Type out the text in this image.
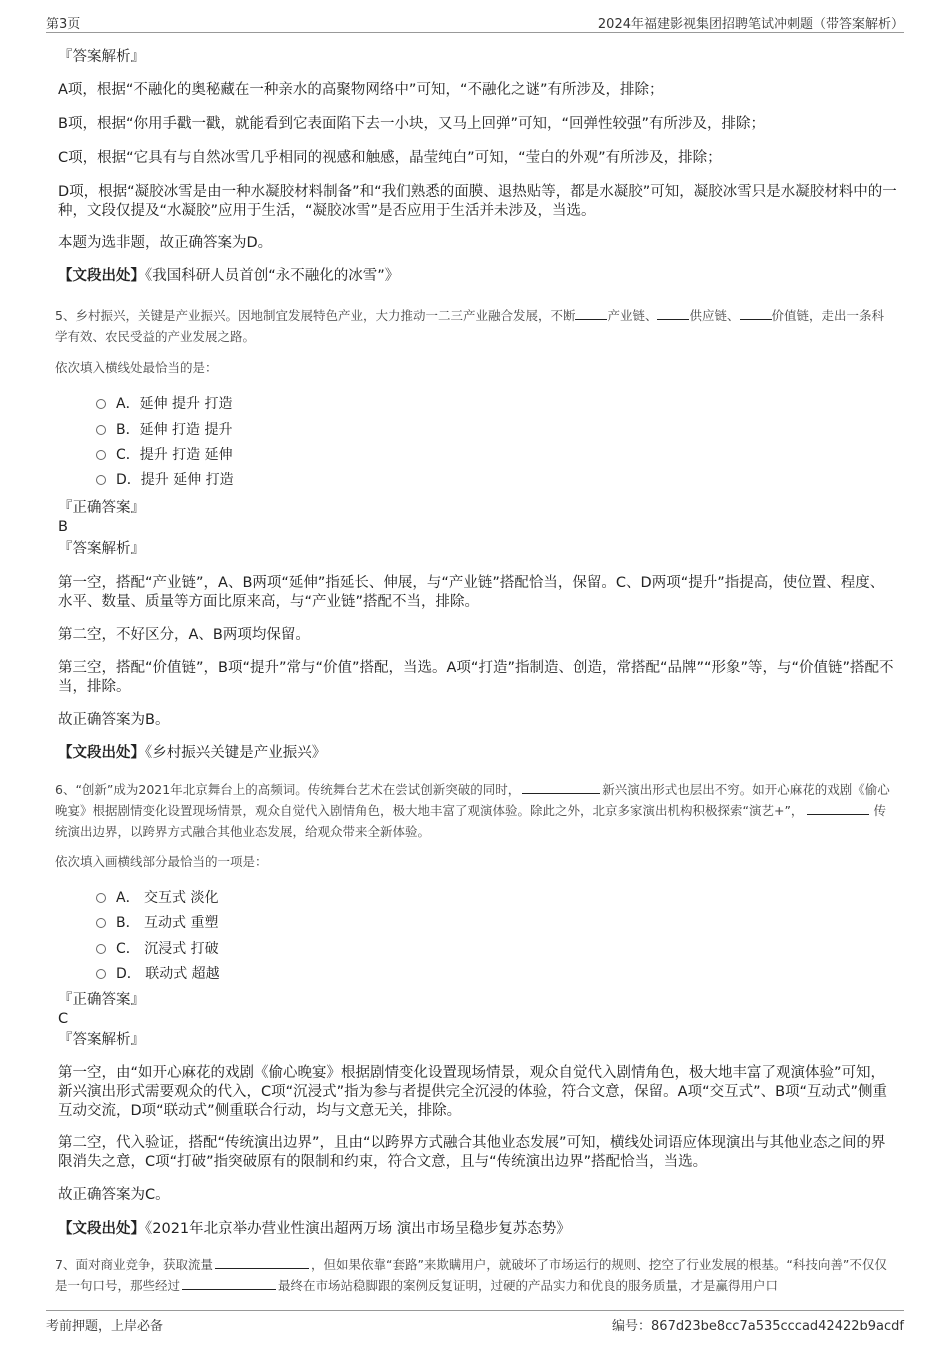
第3页	2024年福建影视集团招聘笔试冲刺题（带答案解析）

『答案解析』

A项，根据“不融化的奥秘藏在一种亲水的高聚物网络中”可知，“不融化之谜”有所涉及，排除；

B项，根据“你用手戳一戳，就能看到它表面陷下去一小块，又马上回弹”可知，“回弹性较强”有所涉及，排除；

C项，根据“它具有与自然冰雪几乎相同的视感和触感，晶莹纯白”可知，“莹白的外观”有所涉及，排除；

D项，根据“凝胶冰雪是由一种水凝胶材料制备”和“我们熟悉的面膜、退热贴等，都是水凝胶”可知，凝胶冰雪只是水凝胶材料中的一种，文段仅提及“水凝胶”应用于生活，“凝胶冰雪”是否应用于生活并未涉及，当选。

本题为选非题，故正确答案为D。

【文段出处】《我国科研人员首创“永不融化的冰雪”》

5、乡村振兴，关键是产业振兴。因地制宜发展特色产业，大力推动一二三产业融合发展，不断	产业链、	供应链、	价值链，走出一条科学有效、农民受益的产业发展之路。

依次填入横线处最恰当的是：

A．延伸 提升 打造
B．延伸 打造 提升
C．提升 打造 延伸
D．提升 延伸 打造

『正确答案』

B

『答案解析』

第一空，搭配“产业链”，A、B两项“延伸”指延长、伸展，与“产业链”搭配恰当，保留。C、D两项“提升”指提高，使位置、程度、水平、数量、质量等方面比原来高，与“产业链”搭配不当，排除。

第二空，不好区分，A、B两项均保留。

第三空，搭配“价值链”，B项“提升”常与“价值”搭配，当选。A项“打造”指制造、创造，常搭配“品牌”“形象”等，与“价值链”搭配不当，排除。

故正确答案为B。

【文段出处】《乡村振兴关键是产业振兴》

6、“创新”成为2021年北京舞台上的高频词。传统舞台艺术在尝试创新突破的同时，	新兴演出形式也层出不穷。如开心麻花的戏剧《偷心晚宴》根据剧情变化设置现场情景，观众自觉代入剧情角色，极大地丰富了观演体验。除此之外，北京多家演出机构积极探索“演艺+”，	传统演出边界，以跨界方式融合其他业态发展，给观众带来全新体验。

依次填入画横线部分最恰当的一项是：

A． 交互式 淡化
B． 互动式 重塑
C． 沉浸式 打破
D． 联动式 超越

『正确答案』

C

『答案解析』

第一空，由“如开心麻花的戏剧《偷心晚宴》根据剧情变化设置现场情景，观众自觉代入剧情角色，极大地丰富了观演体验”可知，新兴演出形式需要观众的代入，C项“沉浸式”指为参与者提供完全沉浸的体验，符合文意，保留。A项“交互式”、B项“互动式”侧重互动交流，D项“联动式”侧重联合行动，均与文意无关，排除。

第二空，代入验证，搭配“传统演出边界”，且由“以跨界方式融合其他业态发展”可知，横线处词语应体现演出与其他业态之间的界限消失之意，C项“打破”指突破原有的限制和约束，符合文意，且与“传统演出边界”搭配恰当，当选。

故正确答案为C。

【文段出处】《2021年北京举办营业性演出超两万场 演出市场呈稳步复苏态势》

7、面对商业竞争，获取流量	，但如果依靠“套路”来欺瞒用户，就破坏了市场运行的规则、挖空了行业发展的根基。“科技向善”不仅仅是一句口号，那些经过	最终在市场站稳脚跟的案例反复证明，过硬的产品实力和优良的服务质量，才是赢得用户口

考前押题，上岸必备	编号：867d23be8cc7a535cccad42422b9acdf
